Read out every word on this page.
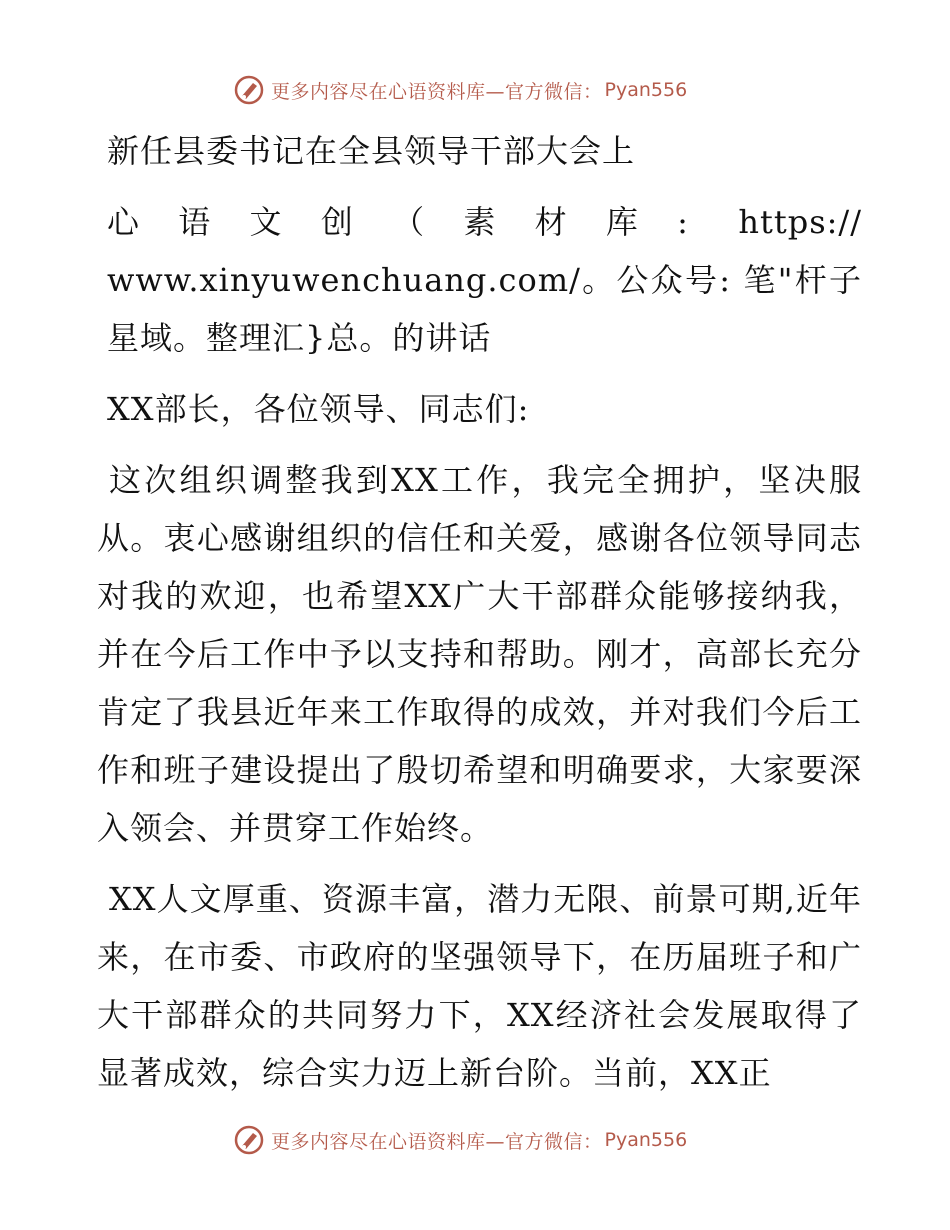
更多内容尽在心语资料库—官方微信： Pyan556

新任县委书记在全县领导干部大会上

心语文创（素材库: https:// www.xinyuwenchuang.com/。公众号: 笔"杆子星域。整理汇}总。的讲话

XX部长，各位领导、同志们:

这次组织调整我到XX工作，我完全拥护，坚决服从。衷心感谢组织的信任和关爱，感谢各位领导同志对我的欢迎，也希望XX广大干部群众能够接纳我，并在今后工作中予以支持和帮助。刚才，高部长充分肯定了我县近年来工作取得的成效，并对我们今后工作和班子建设提出了殷切希望和明确要求，大家要深入领会、并贯穿工作始终。

XX人文厚重、资源丰富，潜力无限、前景可期,近年来，在市委、市政府的坚强领导下，在历届班子和广大干部群众的共同努力下，XX经济社会发展取得了显著成效，综合实力迈上新台阶。当前，XX正

更多内容尽在心语资料库—官方微信： Pyan556
